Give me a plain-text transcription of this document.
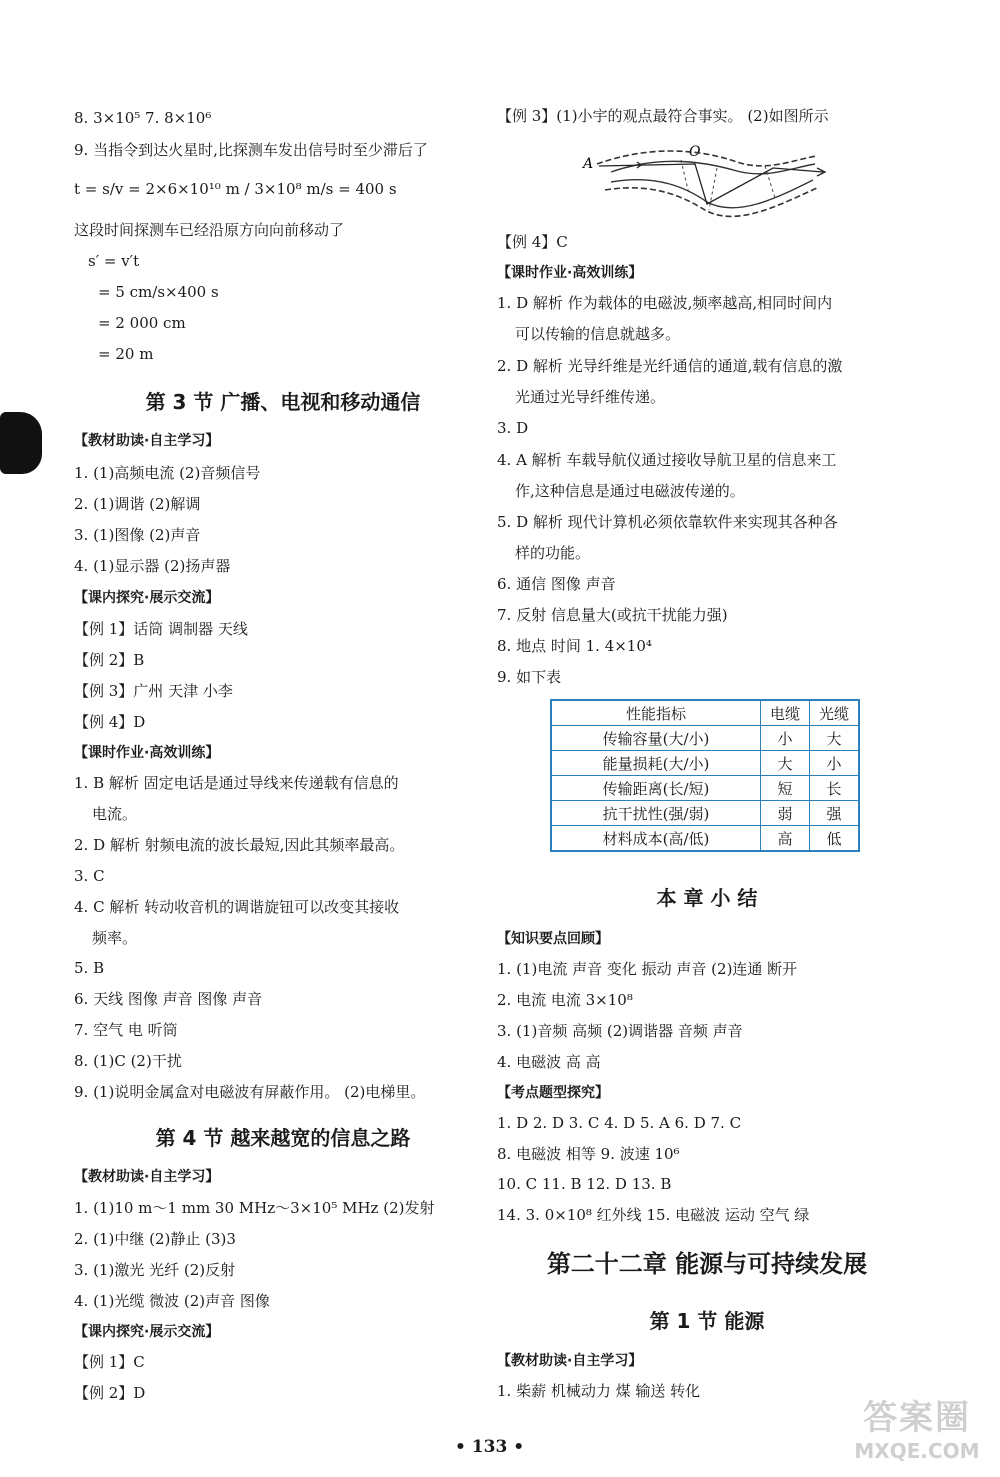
8. 3×10⁵ 7. 8×10⁶
9. 当指令到达火星时,比探测车发出信号时至少滞后了
t = s/v = 2×6×10¹⁰ m / 3×10⁸ m/s = 400 s
这段时间探测车已经沿原方向向前移动了
s′ = v′t
= 5 cm/s×400 s
= 2 000 cm
= 20 m
第 3 节 广播、电视和移动通信
【教材助读·自主学习】
1. (1)高频电流 (2)音频信号
2. (1)调谐 (2)解调
3. (1)图像 (2)声音
4. (1)显示器 (2)扬声器
【课内探究·展示交流】
【例 1】话筒 调制器 天线
【例 2】B
【例 3】广州 天津 小李
【例 4】D
【课时作业·高效训练】
1. B 解析 固定电话是通过导线来传递载有信息的
电流。
2. D 解析 射频电流的波长最短,因此其频率最高。
3. C
4. C 解析 转动收音机的调谐旋钮可以改变其接收
频率。
5. B
6. 天线 图像 声音 图像 声音
7. 空气 电 听筒
8. (1)C (2)干扰
9. (1)说明金属盒对电磁波有屏蔽作用。 (2)电梯里。
第 4 节 越来越宽的信息之路
【教材助读·自主学习】
1. (1)10 m～1 mm 30 MHz～3×10⁵ MHz (2)发射
2. (1)中继 (2)静止 (3)3
3. (1)激光 光纤 (2)反射
4. (1)光缆 微波 (2)声音 图像
【课内探究·展示交流】
【例 1】C
【例 2】D
【例 3】(1)小宇的观点最符合事实。 (2)如图所示
A
O
【例 4】C
【课时作业·高效训练】
1. D 解析 作为载体的电磁波,频率越高,相同时间内
可以传输的信息就越多。
2. D 解析 光导纤维是光纤通信的通道,载有信息的激
光通过光导纤维传递。
3. D
4. A 解析 车载导航仪通过接收导航卫星的信息来工
作,这种信息是通过电磁波传递的。
5. D 解析 现代计算机必须依靠软件来实现其各种各
样的功能。
6. 通信 图像 声音
7. 反射 信息量大(或抗干扰能力强)
8. 地点 时间 1. 4×10⁴
9. 如下表
性能指标	电缆	光缆
传输容量(大/小)	小	大
能量损耗(大/小)	大	小
传输距离(长/短)	短	长
抗干扰性(强/弱)	弱	强
材料成本(高/低)	高	低
本 章 小 结
【知识要点回顾】
1. (1)电流 声音 变化 振动 声音 (2)连通 断开
2. 电流 电流 3×10⁸
3. (1)音频 高频 (2)调谐器 音频 声音
4. 电磁波 高 高
【考点题型探究】
1. D 2. D 3. C 4. D 5. A 6. D 7. C
8. 电磁波 相等 9. 波速 10⁶
10. C 11. B 12. D 13. B
14. 3. 0×10⁸ 红外线 15. 电磁波 运动 空气 绿
第二十二章 能源与可持续发展
第 1 节 能源
【教材助读·自主学习】
1. 柴薪 机械动力 煤 输送 转化
• 133 •
答案圈
MXQE.COM
